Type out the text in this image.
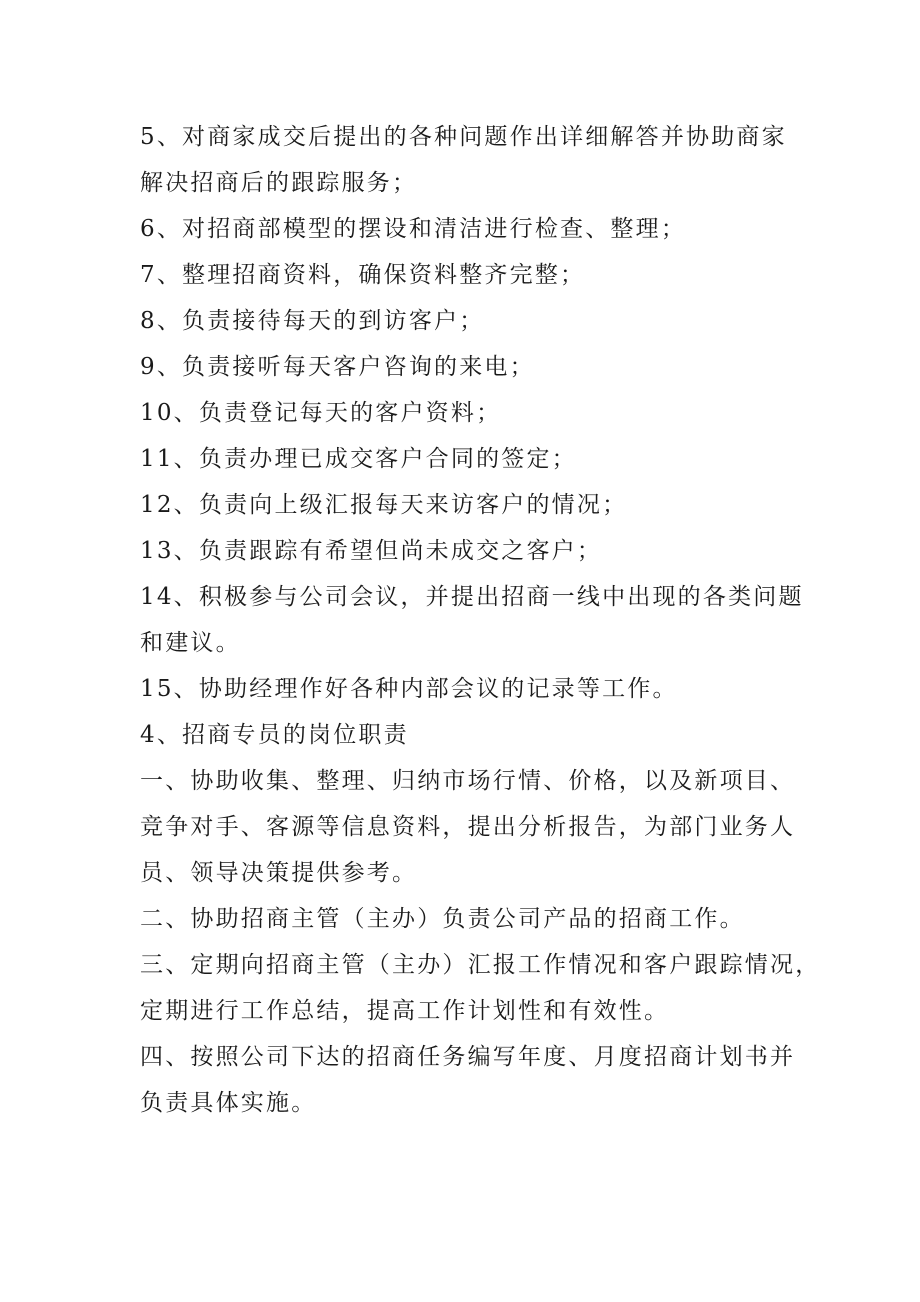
5、对商家成交后提出的各种问题作出详细解答并协助商家
解决招商后的跟踪服务；

6、对招商部模型的摆设和清洁进行检查、整理；

7、整理招商资料，确保资料整齐完整；

8、负责接待每天的到访客户；

9、负责接听每天客户咨询的来电；

10、负责登记每天的客户资料；

11、负责办理已成交客户合同的签定；

12、负责向上级汇报每天来访客户的情况；

13、负责跟踪有希望但尚未成交之客户；

14、积极参与公司会议，并提出招商一线中出现的各类问题
和建议。

15、协助经理作好各种内部会议的记录等工作。

4、招商专员的岗位职责

一、协助收集、整理、归纳市场行情、价格，以及新项目、
竞争对手、客源等信息资料，提出分析报告，为部门业务人
员、领导决策提供参考。

二、协助招商主管（主办）负责公司产品的招商工作。

三、定期向招商主管（主办）汇报工作情况和客户跟踪情况，
定期进行工作总结，提高工作计划性和有效性。

四、按照公司下达的招商任务编写年度、月度招商计划书并
负责具体实施。
